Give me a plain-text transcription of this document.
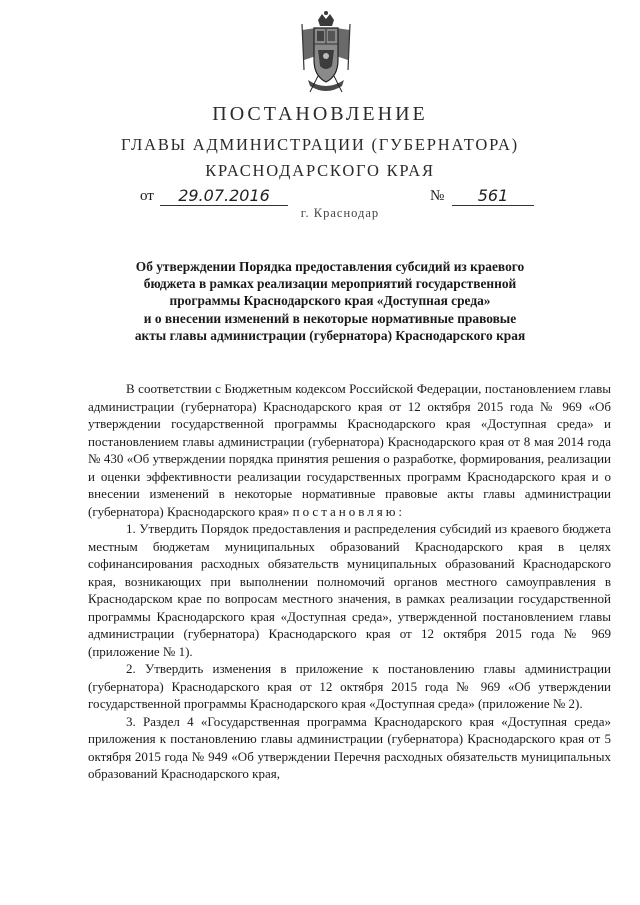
ПОСТАНОВЛЕНИЕ
ГЛАВЫ АДМИНИСТРАЦИИ (ГУБЕРНАТОРА)
КРАСНОДАРСКОГО КРАЯ
от	29.07.2016	№	561
г. Краснодар
Об утверждении Порядка предоставления субсидий из краевого
бюджета в рамках реализации мероприятий государственной
программы Краснодарского края «Доступная среда»
и о внесении изменений в некоторые нормативные правовые
акты главы администрации (губернатора) Краснодарского края

В соответствии с Бюджетным кодексом Российской Федерации, постановлением главы администрации (губернатора) Краснодарского края от 12 октября 2015 года № 969 «Об утверждении государственной программы Краснодарского края «Доступная среда» и постановлением главы администрации (губернатора) Краснодарского края от 8 мая 2014 года № 430 «Об утверждении порядка принятия решения о разработке, формирования, реализации и оценки эффективности реализации государственных программ Краснодарского края и о внесении изменений в некоторые нормативные правовые акты главы администрации (губернатора) Краснодарского края» постановляю:

1. Утвердить Порядок предоставления и распределения субсидий из краевого бюджета местным бюджетам муниципальных образований Краснодарского края в целях софинансирования расходных обязательств муниципальных образований Краснодарского края, возникающих при выполнении полномочий органов местного самоуправления в Краснодарском крае по вопросам местного значения, в рамках реализации государственной программы Краснодарского края «Доступная среда», утвержденной постановлением главы администрации (губернатора) Краснодарского края от 12 октября 2015 года № 969 (приложение № 1).

2. Утвердить изменения в приложение к постановлению главы администрации (губернатора) Краснодарского края от 12 октября 2015 года № 969 «Об утверждении государственной программы Краснодарского края «Доступная среда» (приложение № 2).

3. Раздел 4 «Государственная программа Краснодарского края «Доступная среда» приложения к постановлению главы администрации (губернатора) Краснодарского края от 5 октября 2015 года № 949 «Об утверждении Перечня расходных обязательств муниципальных образований Краснодарского края,
